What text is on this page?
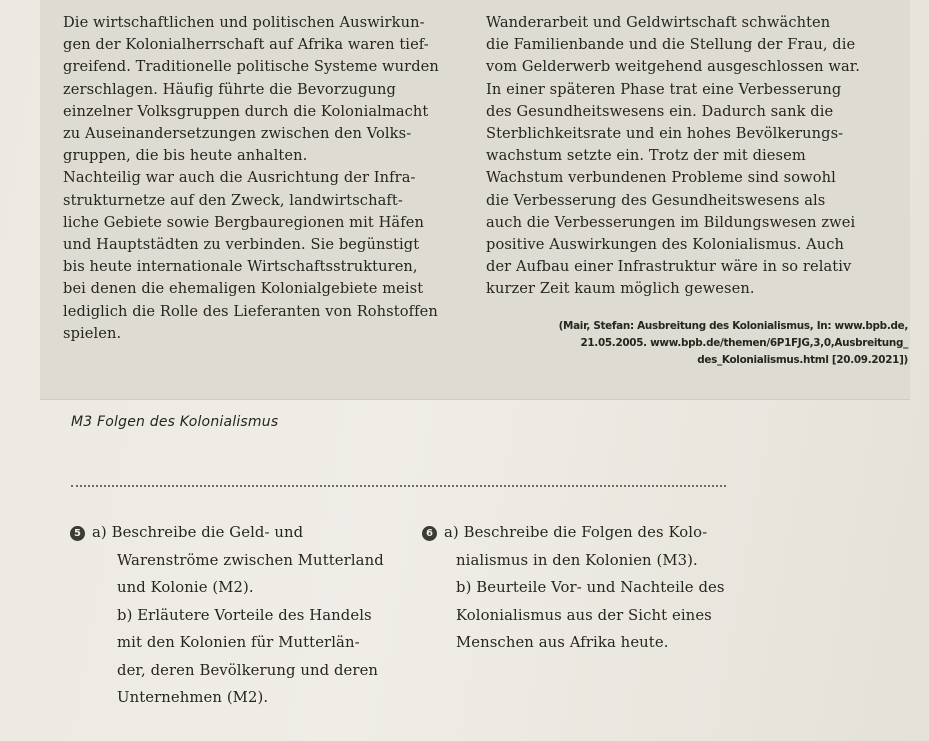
Die wirtschaftlichen und politischen Auswirkun-
gen der Kolonialherrschaft auf Afrika waren tief-
greifend. Traditionelle politische Systeme wurden
zerschlagen. Häufig führte die Bevorzugung
einzelner Volksgruppen durch die Kolonialmacht
zu Auseinandersetzungen zwischen den Volks-
gruppen, die bis heute anhalten.
Nachteilig war auch die Ausrichtung der Infra-
strukturnetze auf den Zweck, landwirtschaft-
liche Gebiete sowie Bergbauregionen mit Häfen
und Hauptstädten zu verbinden. Sie begünstigt
bis heute internationale Wirtschaftsstrukturen,
bei denen die ehemaligen Kolonialgebiete meist
lediglich die Rolle des Lieferanten von Rohstoffen
spielen.
Wanderarbeit und Geldwirtschaft schwächten
die Familienbande und die Stellung der Frau, die
vom Gelderwerb weitgehend ausgeschlossen war.
In einer späteren Phase trat eine Verbesserung
des Gesundheitswesens ein. Dadurch sank die
Sterblichkeitsrate und ein hohes Bevölkerungs-
wachstum setzte ein. Trotz der mit diesem
Wachstum verbundenen Probleme sind sowohl
die Verbesserung des Gesundheitswesens als
auch die Verbesserungen im Bildungswesen zwei
positive Auswirkungen des Kolonialismus. Auch
der Aufbau einer Infrastruktur wäre in so relativ
kurzer Zeit kaum möglich gewesen.
(Mair, Stefan: Ausbreitung des Kolonialismus, In: www.bpb.de,
21.05.2005. www.bpb.de/themen/6P1FJG,3,0,Ausbreitung_
des_Kolonialismus.html [20.09.2021])
M3 Folgen des Kolonialismus
5 a) Beschreibe die Geld- und
Warenströme zwischen Mutterland
und Kolonie (M2).
b) Erläutere Vorteile des Handels
mit den Kolonien für Mutterlän-
der, deren Bevölkerung und deren
Unternehmen (M2).
6 a) Beschreibe die Folgen des Kolo-
nialismus in den Kolonien (M3).
b) Beurteile Vor- und Nachteile des
Kolonialismus aus der Sicht eines
Menschen aus Afrika heute.
